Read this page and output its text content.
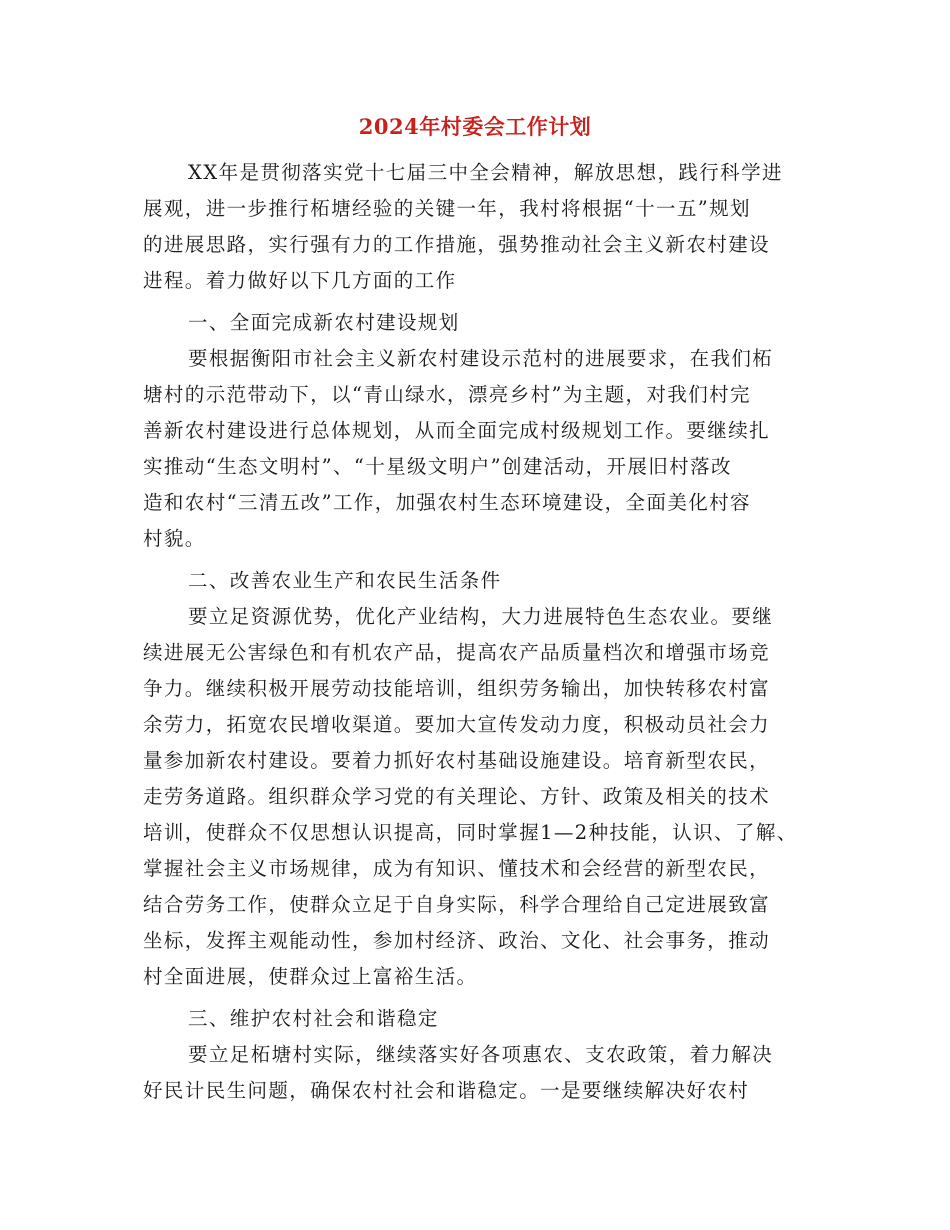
2024年村委会工作计划
XX年是贯彻落实党十七届三中全会精神，解放思想，践行科学进
展观，进一步推行柘塘经验的关键一年，我村将根据“十一五”规划
的进展思路，实行强有力的工作措施，强势推动社会主义新农村建设
进程。着力做好以下几方面的工作
一、全面完成新农村建设规划
要根据衡阳市社会主义新农村建设示范村的进展要求，在我们柘
塘村的示范带动下，以“青山绿水，漂亮乡村”为主题，对我们村完
善新农村建设进行总体规划，从而全面完成村级规划工作。要继续扎
实推动“生态文明村”、“十星级文明户”创建活动，开展旧村落改
造和农村“三清五改”工作，加强农村生态环境建设，全面美化村容
村貌。
二、改善农业生产和农民生活条件
要立足资源优势，优化产业结构，大力进展特色生态农业。要继
续进展无公害绿色和有机农产品，提高农产品质量档次和增强市场竞
争力。继续积极开展劳动技能培训，组织劳务输出，加快转移农村富
余劳力，拓宽农民增收渠道。要加大宣传发动力度，积极动员社会力
量参加新农村建设。要着力抓好农村基础设施建设。培育新型农民，
走劳务道路。组织群众学习党的有关理论、方针、政策及相关的技术
培训，使群众不仅思想认识提高，同时掌握1—2种技能，认识、了解、
掌握社会主义市场规律，成为有知识、懂技术和会经营的新型农民，
结合劳务工作，使群众立足于自身实际，科学合理给自己定进展致富
坐标，发挥主观能动性，参加村经济、政治、文化、社会事务，推动
村全面进展，使群众过上富裕生活。
三、维护农村社会和谐稳定
要立足柘塘村实际，继续落实好各项惠农、支农政策，着力解决
好民计民生问题，确保农村社会和谐稳定。一是要继续解决好农村
